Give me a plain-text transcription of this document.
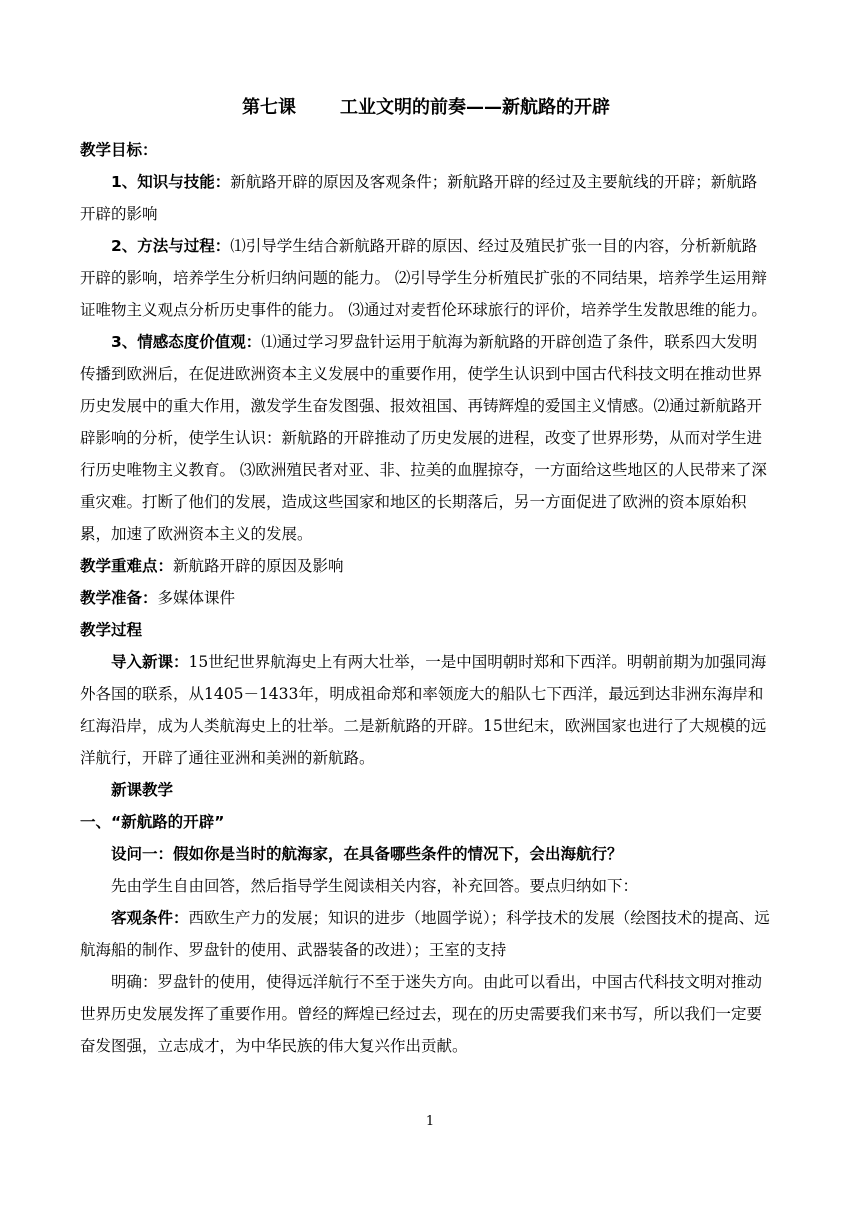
第七课 工业文明的前奏——新航路的开辟

教学目标：

1、知识与技能：新航路开辟的原因及客观条件；新航路开辟的经过及主要航线的开辟；新航路开辟的影响

2、方法与过程：⑴引导学生结合新航路开辟的原因、经过及殖民扩张一目的内容，分析新航路开辟的影响，培养学生分析归纳问题的能力。 ⑵引导学生分析殖民扩张的不同结果，培养学生运用辩证唯物主义观点分析历史事件的能力。 ⑶通过对麦哲伦环球旅行的评价，培养学生发散思维的能力。

3、情感态度价值观：⑴通过学习罗盘针运用于航海为新航路的开辟创造了条件，联系四大发明传播到欧洲后，在促进欧洲资本主义发展中的重要作用，使学生认识到中国古代科技文明在推动世界历史发展中的重大作用，激发学生奋发图强、报效祖国、再铸辉煌的爱国主义情感。⑵通过新航路开辟影响的分析，使学生认识：新航路的开辟推动了历史发展的进程，改变了世界形势，从而对学生进行历史唯物主义教育。 ⑶欧洲殖民者对亚、非、拉美的血腥掠夺，一方面给这些地区的人民带来了深重灾难。打断了他们的发展，造成这些国家和地区的长期落后，另一方面促进了欧洲的资本原始积累，加速了欧洲资本主义的发展。

教学重难点：新航路开辟的原因及影响

教学准备：多媒体课件

教学过程

导入新课：15世纪世界航海史上有两大壮举，一是中国明朝时郑和下西洋。明朝前期为加强同海外各国的联系，从1405－1433年，明成祖命郑和率领庞大的船队七下西洋，最远到达非洲东海岸和红海沿岸，成为人类航海史上的壮举。二是新航路的开辟。15世纪末，欧洲国家也进行了大规模的远洋航行，开辟了通往亚洲和美洲的新航路。

新课教学

一、“新航路的开辟”

设问一：假如你是当时的航海家，在具备哪些条件的情况下，会出海航行？

先由学生自由回答，然后指导学生阅读相关内容，补充回答。要点归纳如下：

客观条件：西欧生产力的发展；知识的进步（地圆学说）；科学技术的发展（绘图技术的提高、远航海船的制作、罗盘针的使用、武器装备的改进）；王室的支持

明确：罗盘针的使用，使得远洋航行不至于迷失方向。由此可以看出，中国古代科技文明对推动世界历史发展发挥了重要作用。曾经的辉煌已经过去，现在的历史需要我们来书写，所以我们一定要奋发图强，立志成才，为中华民族的伟大复兴作出贡献。

1
